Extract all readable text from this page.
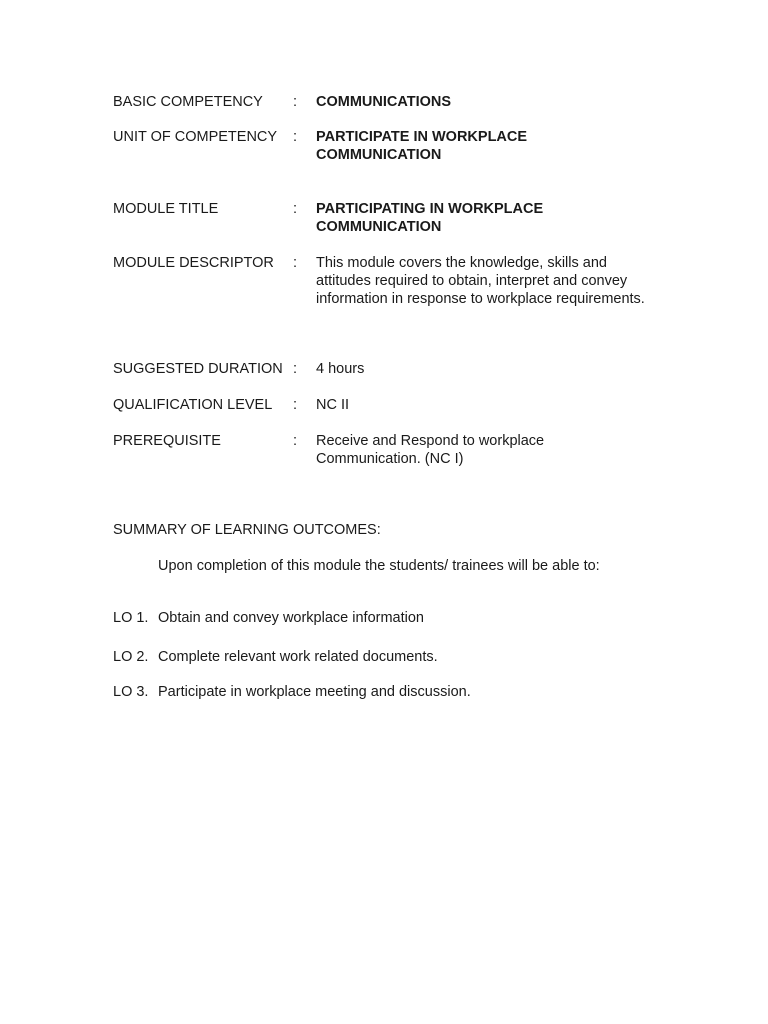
BASIC COMPETENCY	: COMMUNICATIONS
UNIT OF COMPETENCY	: PARTICIPATE IN WORKPLACE COMMUNICATION
MODULE TITLE	: PARTICIPATING IN WORKPLACE COMMUNICATION
MODULE DESCRIPTOR	: This module covers the knowledge, skills and attitudes required to obtain, interpret and convey information in response to workplace requirements.
SUGGESTED DURATION : 4 hours
QUALIFICATION LEVEL	: NC II
PREREQUISITE	: Receive and Respond to workplace Communication. (NC I)
SUMMARY OF LEARNING OUTCOMES:
Upon completion of this module the students/ trainees will be able to:
LO 1. Obtain and convey workplace information
LO 2. Complete relevant work related documents.
LO 3. Participate in workplace meeting and discussion.
